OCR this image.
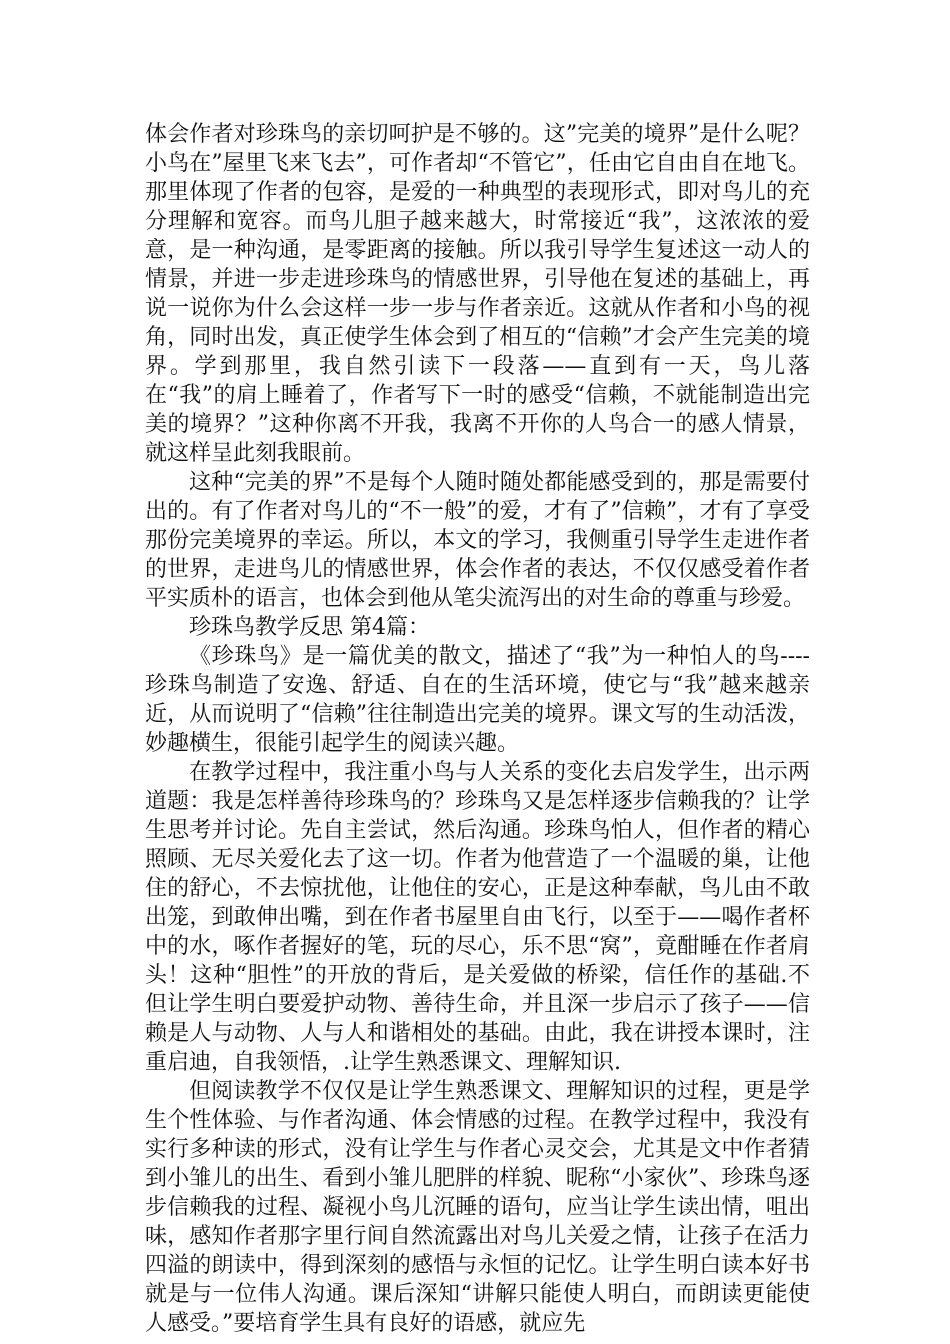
体会作者对珍珠鸟的亲切呵护是不够的。这”完美的境界”是什么呢？小鸟在”屋里飞来飞去”，可作者却“不管它”，任由它自由自在地飞。那里体现了作者的包容，是爱的一种典型的表现形式，即对鸟儿的充分理解和宽容。而鸟儿胆子越来越大，时常接近“我”，这浓浓的爱意，是一种沟通，是零距离的接触。所以我引导学生复述这一动人的情景，并进一步走进珍珠鸟的情感世界，引导他在复述的基础上，再说一说你为什么会这样一步一步与作者亲近。这就从作者和小鸟的视角，同时出发，真正使学生体会到了相互的“信赖”才会产生完美的境界。学到那里，我自然引读下一段落——直到有一天，鸟儿落在“我”的肩上睡着了，作者写下一时的感受“信赖，不就能制造出完美的境界？”这种你离不开我，我离不开你的人鸟合一的感人情景，就这样呈此刻我眼前。

这种“完美的界”不是每个人随时随处都能感受到的，那是需要付出的。有了作者对鸟儿的“不一般”的爱，才有了”信赖”，才有了享受那份完美境界的幸运。所以，本文的学习，我侧重引导学生走进作者的世界，走进鸟儿的情感世界，体会作者的表达，不仅仅感受着作者平实质朴的语言，也体会到他从笔尖流泻出的对生命的尊重与珍爱。

珍珠鸟教学反思 第4篇：

《珍珠鸟》是一篇优美的散文，描述了“我”为一种怕人的鸟----珍珠鸟制造了安逸、舒适、自在的生活环境，使它与“我”越来越亲近，从而说明了“信赖”往往制造出完美的境界。课文写的生动活泼，妙趣横生，很能引起学生的阅读兴趣。

在教学过程中，我注重小鸟与人关系的变化去启发学生，出示两道题：我是怎样善待珍珠鸟的？珍珠鸟又是怎样逐步信赖我的？让学生思考并讨论。先自主尝试，然后沟通。珍珠鸟怕人，但作者的精心照顾、无尽关爱化去了这一切。作者为他营造了一个温暖的巢，让他住的舒心，不去惊扰他，让他住的安心，正是这种奉献，鸟儿由不敢出笼，到敢伸出嘴，到在作者书屋里自由飞行，以至于——喝作者杯中的水，啄作者握好的笔，玩的尽心，乐不思“窝”，竟酣睡在作者肩头！这种“胆性”的开放的背后，是关爱做的桥梁，信任作的基础.不但让学生明白要爱护动物、善待生命，并且深一步启示了孩子——信赖是人与动物、人与人和谐相处的基础。由此，我在讲授本课时，注重启迪，自我领悟，.让学生熟悉课文、理解知识.

但阅读教学不仅仅是让学生熟悉课文、理解知识的过程，更是学生个性体验、与作者沟通、体会情感的过程。在教学过程中，我没有实行多种读的形式，没有让学生与作者心灵交会，尤其是文中作者猜到小雏儿的出生、看到小雏儿肥胖的样貌、昵称“小家伙”、珍珠鸟逐步信赖我的过程、凝视小鸟儿沉睡的语句，应当让学生读出情，咀出味，感知作者那字里行间自然流露出对鸟儿关爱之情，让孩子在活力四溢的朗读中，得到深刻的感悟与永恒的记忆。让学生明白读本好书就是与一位伟人沟通。课后深知“讲解只能使人明白，而朗读更能使人感受。”要培育学生具有良好的语感，就应先
